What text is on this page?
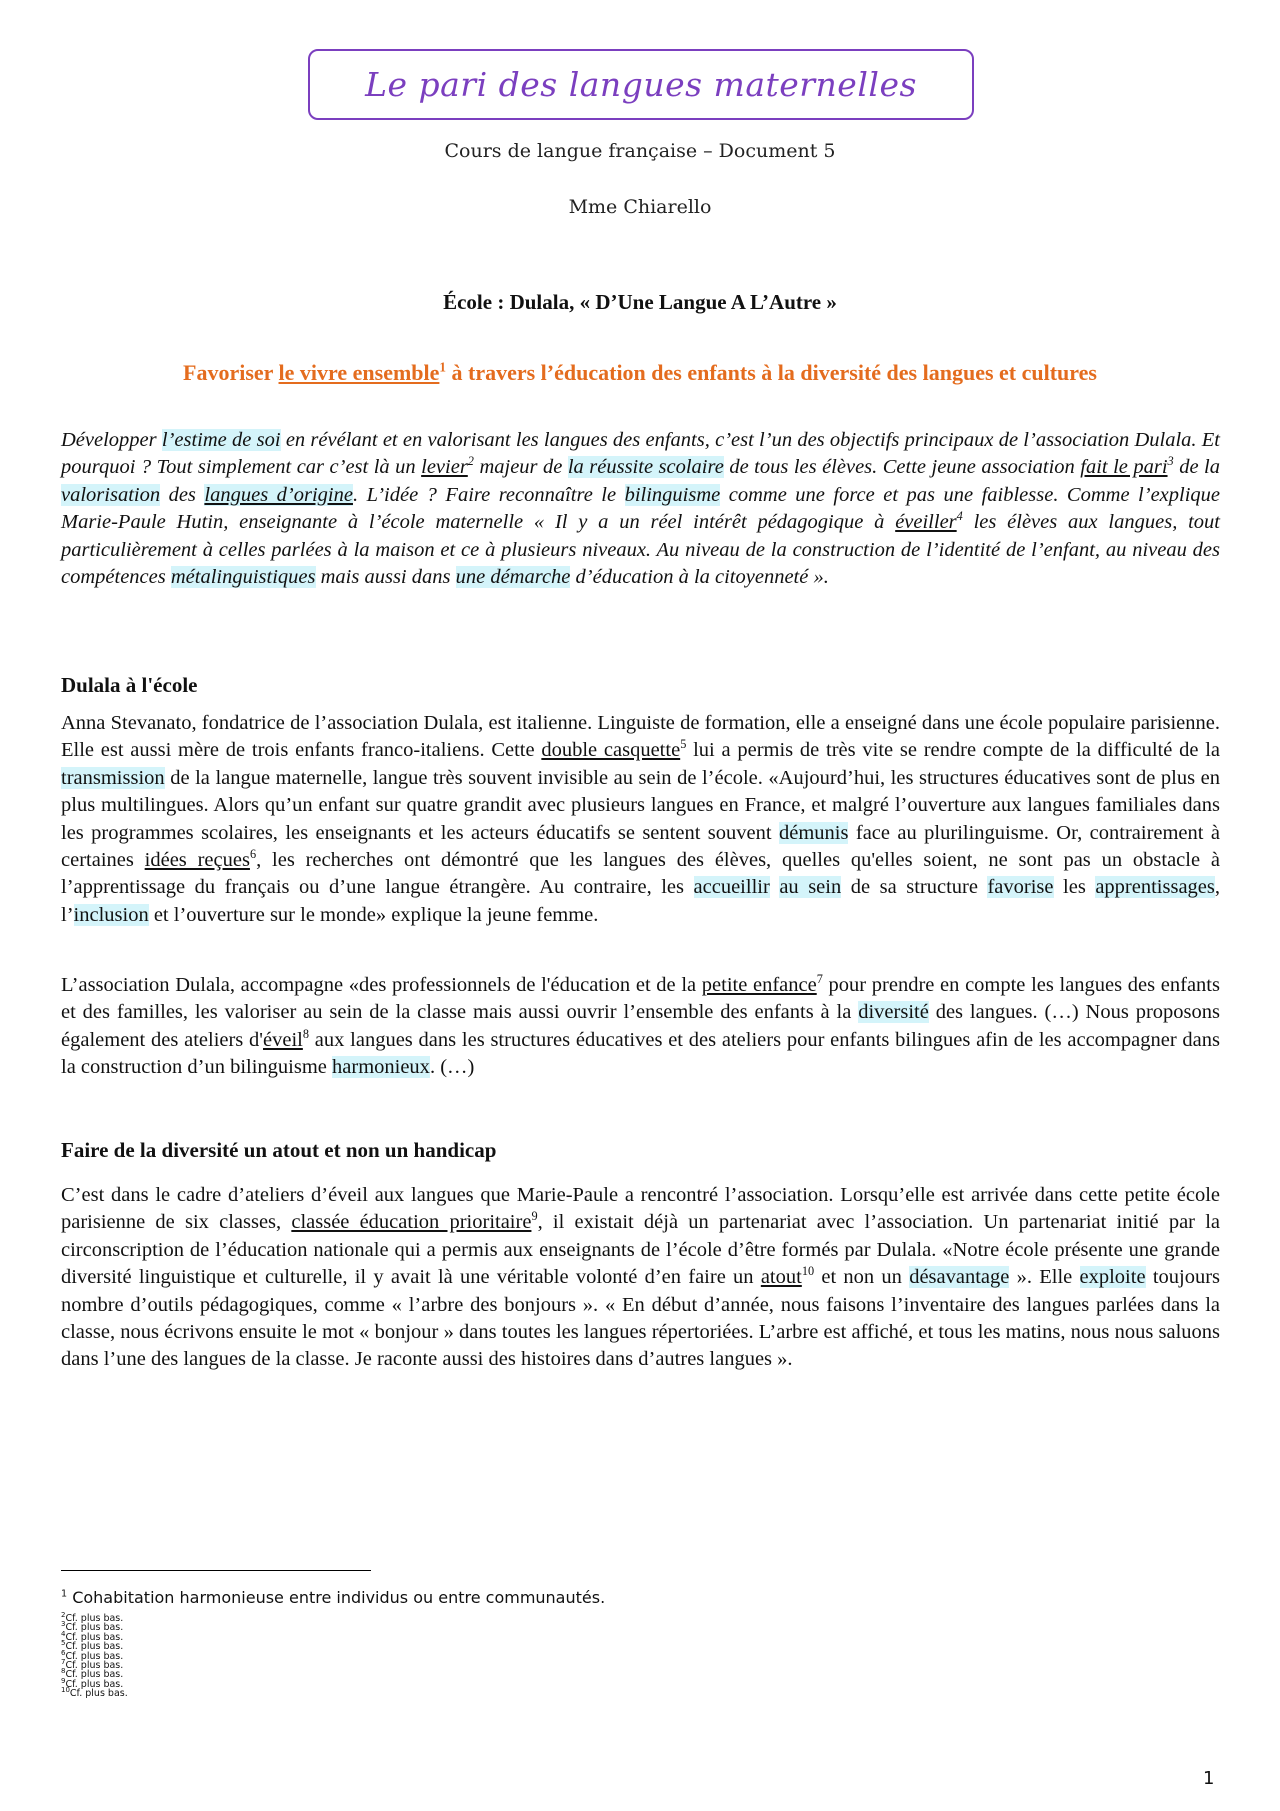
Le pari des langues maternelles
Cours de langue française – Document 5
Mme Chiarello
École : Dulala, « D’Une Langue A L’Autre »
Favoriser le vivre ensemble$^1$ à travers l’éducation des enfants à la diversité des langues et cultures
Développer l’estime de soi en révélant et en valorisant les langues des enfants, c’est l’un des objectifs principaux de l’association Dulala. Et pourquoi ? Tout simplement car c’est là un levier$^2$ majeur de la réussite scolaire de tous les élèves. Cette jeune association fait le pari$^3$ de la valorisation des langues d’origine. L’idée ? Faire reconnaître le bilinguisme comme une force et pas une faiblesse. Comme l’explique Marie-Paule Hutin, enseignante à l’école maternelle « Il y a un réel intérêt pédagogique à éveiller$^4$ les élèves aux langues, tout particulièrement à celles parlées à la maison et ce à plusieurs niveaux. Au niveau de la construction de l’identité de l’enfant, au niveau des compétences métalinguistiques mais aussi dans une démarche d’éducation à la citoyenneté ».
Dulala à l'école
Anna Stevanato, fondatrice de l’association Dulala, est italienne. Linguiste de formation, elle a enseigné dans une école populaire parisienne. Elle est aussi mère de trois enfants franco-italiens. Cette double casquette$^5$ lui a permis de très vite se rendre compte de la difficulté de la transmission de la langue maternelle, langue très souvent invisible au sein de l’école. «Aujourd’hui, les structures éducatives sont de plus en plus multilingues. Alors qu’un enfant sur quatre grandit avec plusieurs langues en France, et malgré l’ouverture aux langues familiales dans les programmes scolaires, les enseignants et les acteurs éducatifs se sentent souvent démunis face au plurilinguisme. Or, contrairement à certaines idées reçues$^6$, les recherches ont démontré que les langues des élèves, quelles qu'elles soient, ne sont pas un obstacle à l’apprentissage du français ou d’une langue étrangère. Au contraire, les accueillir au sein de sa structure favorise les apprentissages, l’inclusion et l’ouverture sur le monde» explique la jeune femme.
L’association Dulala, accompagne «des professionnels de l'éducation et de la petite enfance$^7$ pour prendre en compte les langues des enfants et des familles, les valoriser au sein de la classe mais aussi ouvrir l’ensemble des enfants à la diversité des langues. (…) Nous proposons également des ateliers d'éveil$^8$ aux langues dans les structures éducatives et des ateliers pour enfants bilingues afin de les accompagner dans la construction d’un bilinguisme harmonieux. (…)
Faire de la diversité un atout et non un handicap
C’est dans le cadre d’ateliers d’éveil aux langues que Marie-Paule a rencontré l’association. Lorsqu’elle est arrivée dans cette petite école parisienne de six classes, classée éducation prioritaire$^9$, il existait déjà un partenariat avec l’association. Un partenariat initié par la circonscription de l’éducation nationale qui a permis aux enseignants de l’école d’être formés par Dulala. «Notre école présente une grande diversité linguistique et culturelle, il y avait là une véritable volonté d’en faire un atout$^{10}$ et non un désavantage ». Elle exploite toujours nombre d’outils pédagogiques, comme « l’arbre des bonjours ». « En début d’année, nous faisons l’inventaire des langues parlées dans la classe, nous écrivons ensuite le mot « bonjour » dans toutes les langues répertoriées. L’arbre est affiché, et tous les matins, nous nous saluons dans l’une des langues de la classe. Je raconte aussi des histoires dans d’autres langues ».
$^1$ Cohabitation harmonieuse entre individus ou entre communautés.
$^2$Cf. plus bas.
$^3$Cf. plus bas.
$^4$Cf. plus bas.
$^5$Cf. plus bas.
$^6$Cf. plus bas.
$^7$Cf. plus bas.
$^8$Cf. plus bas.
$^9$Cf. plus bas.
$^{10}$Cf. plus bas.
1
